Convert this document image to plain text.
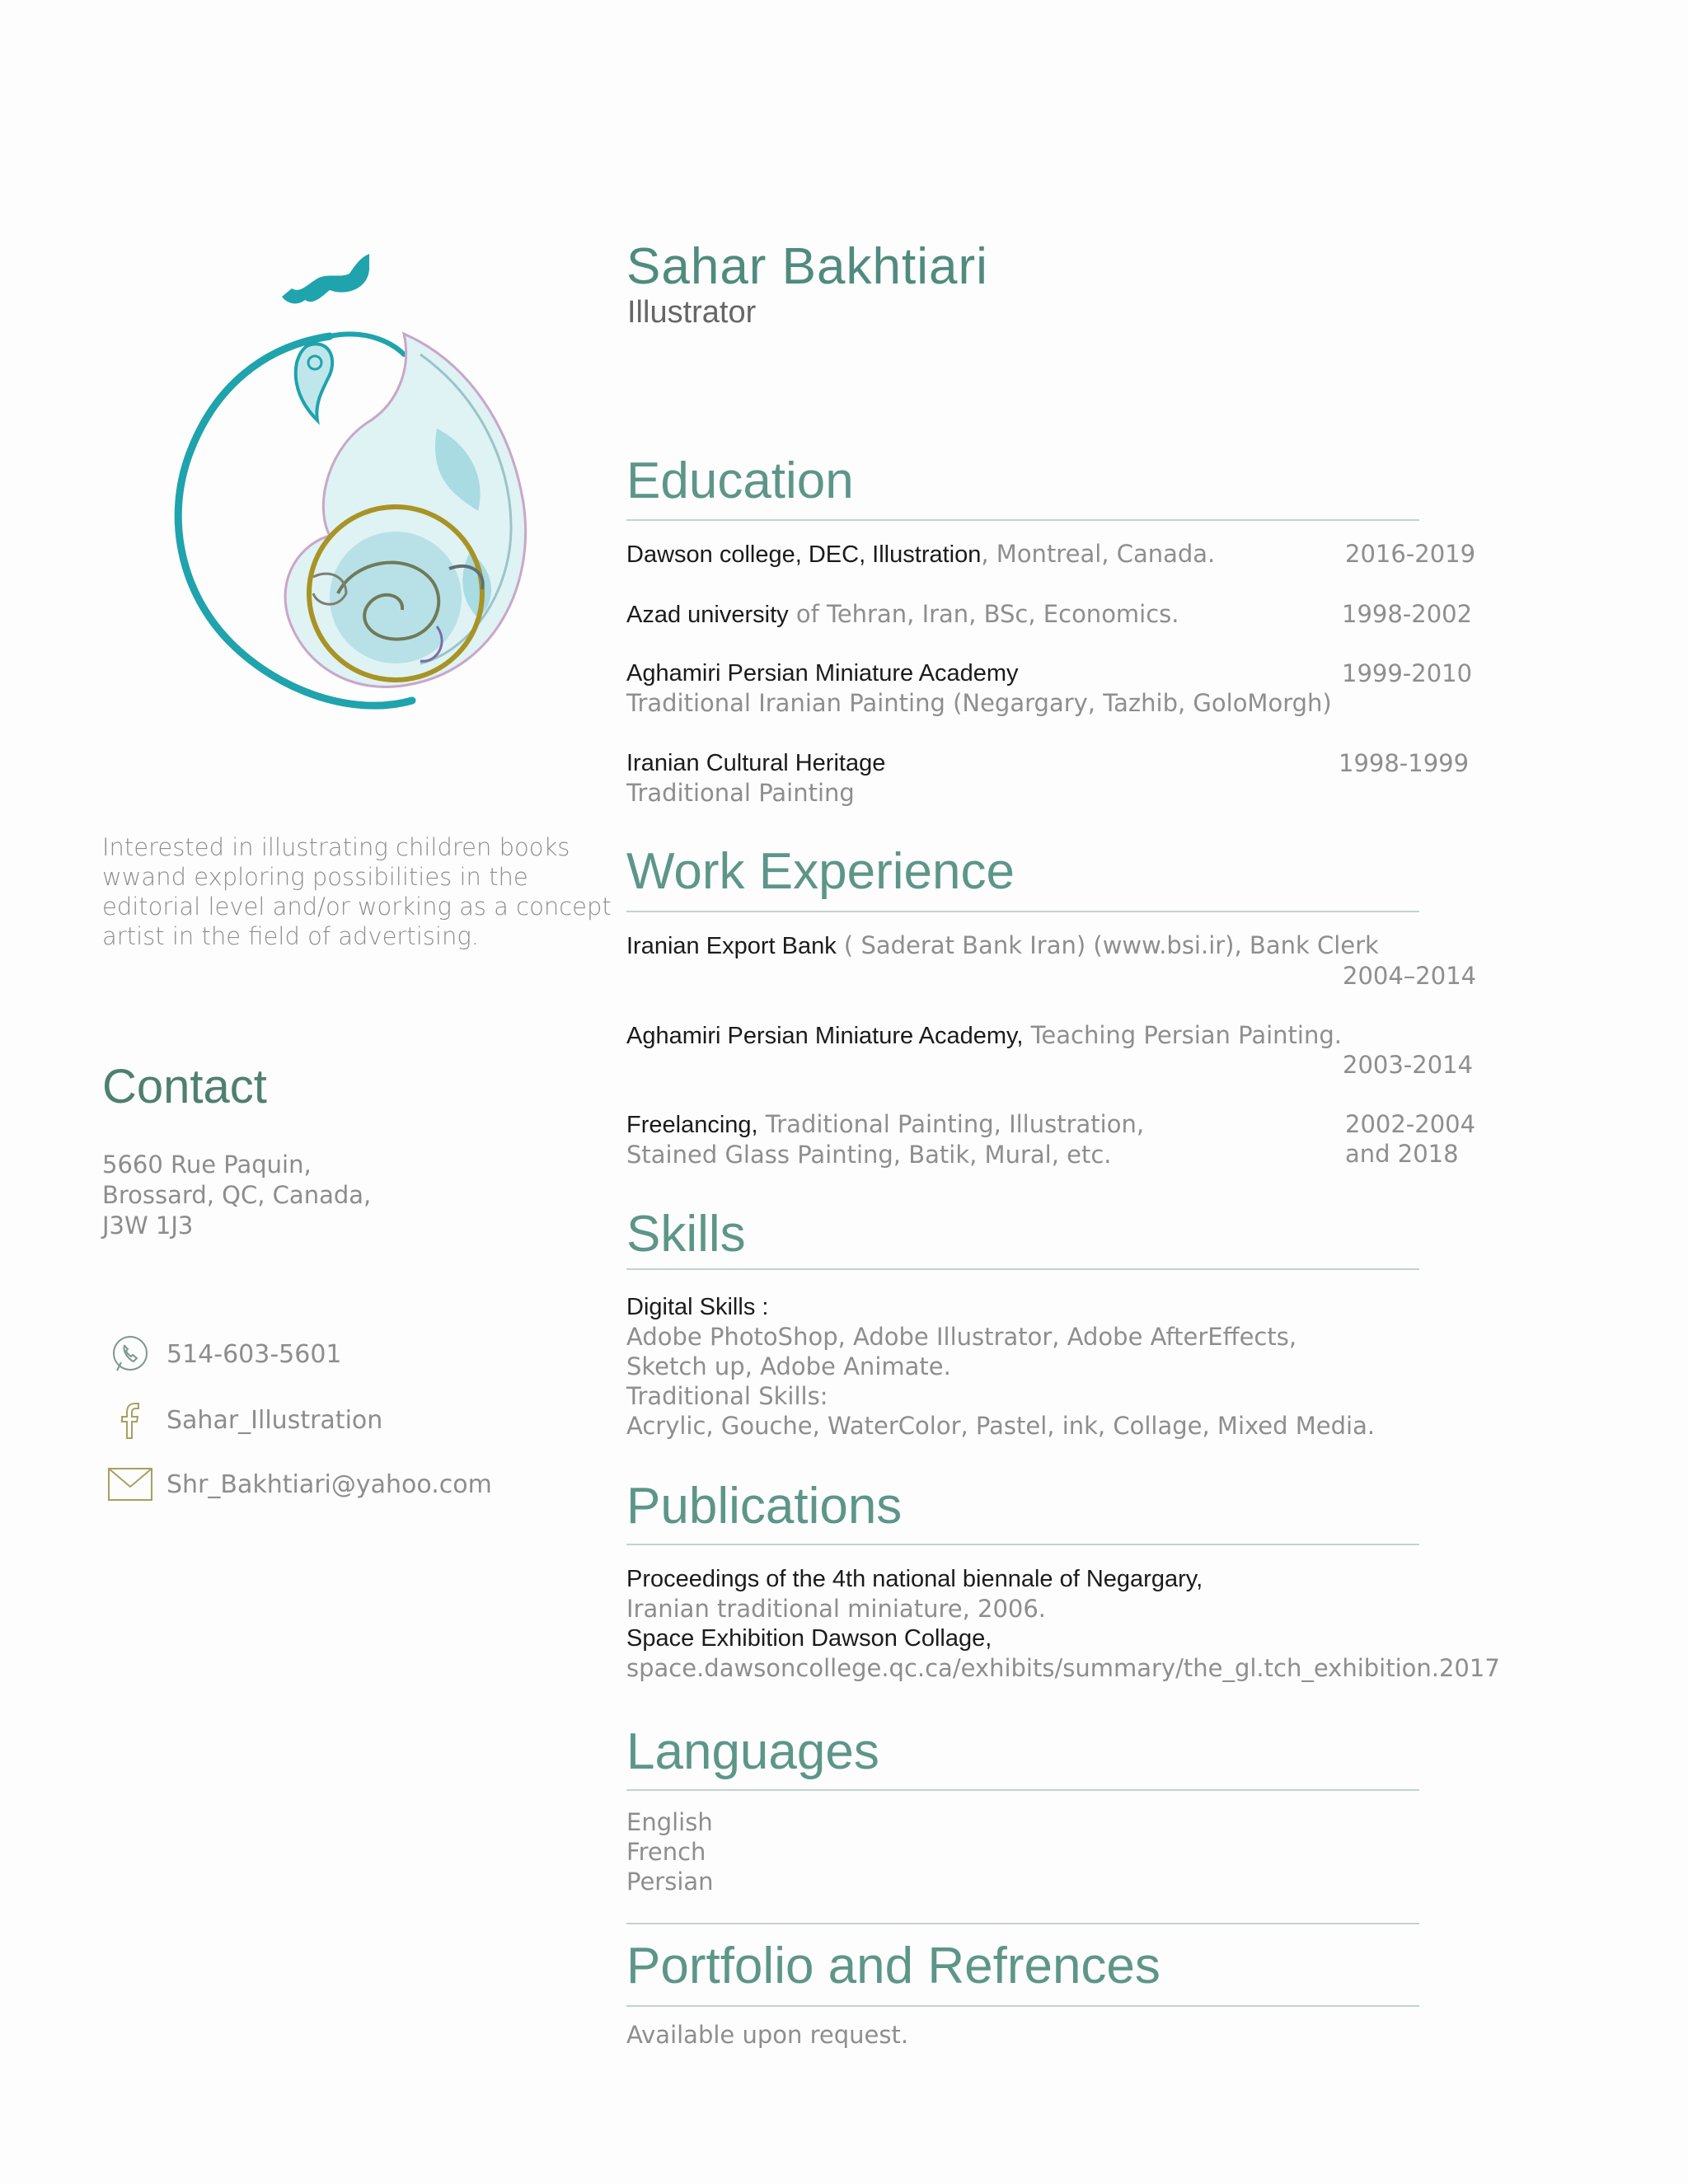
Interested in illustrating children books wwand exploring possibilities in the editorial level and/or working as a concept artist in the field of advertising.
Contact
5660 Rue Paquin,
Brossard, QC, Canada,
J3W 1J3
514-603-5601
Sahar_Illustration
Shr_Bakhtiari@yahoo.com
Sahar Bakhtiari
Illustrator
Education
Dawson college, DEC, Illustration, Montreal, Canada.	2016-2019
Azad university of Tehran, Iran, BSc, Economics.	1998-2002
Aghamiri Persian Miniature Academy
Traditional Iranian Painting (Negargary, Tazhib, GoloMorgh)
1999-2010
Iranian Cultural Heritage
Traditional Painting
1998-1999
Work Experience
Iranian Export Bank ( Saderat Bank Iran) (www.bsi.ir), Bank Clerk
2004–2014
Aghamiri Persian Miniature Academy, Teaching Persian Painting.
2003-2014
Freelancing, Traditional Painting, Illustration,
Stained Glass Painting, Batik, Mural, etc.
2002-2004
and 2018
Skills
Digital Skills :
Adobe PhotoShop, Adobe Illustrator, Adobe AfterEffects,
Sketch up, Adobe Animate.
Traditional Skills:
Acrylic, Gouche, WaterColor, Pastel, ink, Collage, Mixed Media.
Publications
Proceedings of the 4th national biennale of Negargary,
Iranian traditional miniature, 2006.
Space Exhibition Dawson Collage,
space.dawsoncollege.qc.ca/exhibits/summary/the_gl.tch_exhibition.2017
Languages
English
French
Persian
Portfolio and Refrences
Available upon request.
